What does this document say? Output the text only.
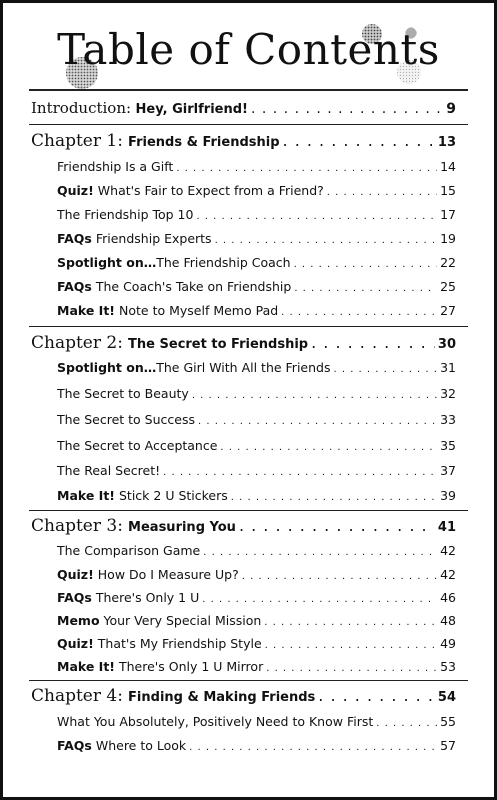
Table of Contents
Introduction: Hey, Girlfriend! . . .	9
Chapter 1: Friends & Friendship . . .	13
Friendship Is a Gift . . .	14
Quiz! What's Fair to Expect from a Friend? . . .	15
The Friendship Top 10 . . .	17
FAQs Friendship Experts . . .	19
Spotlight on…The Friendship Coach . . .	22
FAQs The Coach's Take on Friendship . . .	25
Make It! Note to Myself Memo Pad . . .	27
Chapter 2: The Secret to Friendship . . .	30
Spotlight on…The Girl With All the Friends . . .	31
The Secret to Beauty . . .	32
The Secret to Success . . .	33
The Secret to Acceptance . . .	35
The Real Secret! . . .	37
Make It! Stick 2 U Stickers . . .	39
Chapter 3: Measuring You . . .	41
The Comparison Game . . .	42
Quiz! How Do I Measure Up? . . .	42
FAQs There's Only 1 U . . .	46
Memo Your Very Special Mission . . .	48
Quiz! That's My Friendship Style . . .	49
Make It! There's Only 1 U Mirror . . .	53
Chapter 4: Finding & Making Friends . . .	54
What You Absolutely, Positively Need to Know First . . .	55
FAQs Where to Look . . .	57
